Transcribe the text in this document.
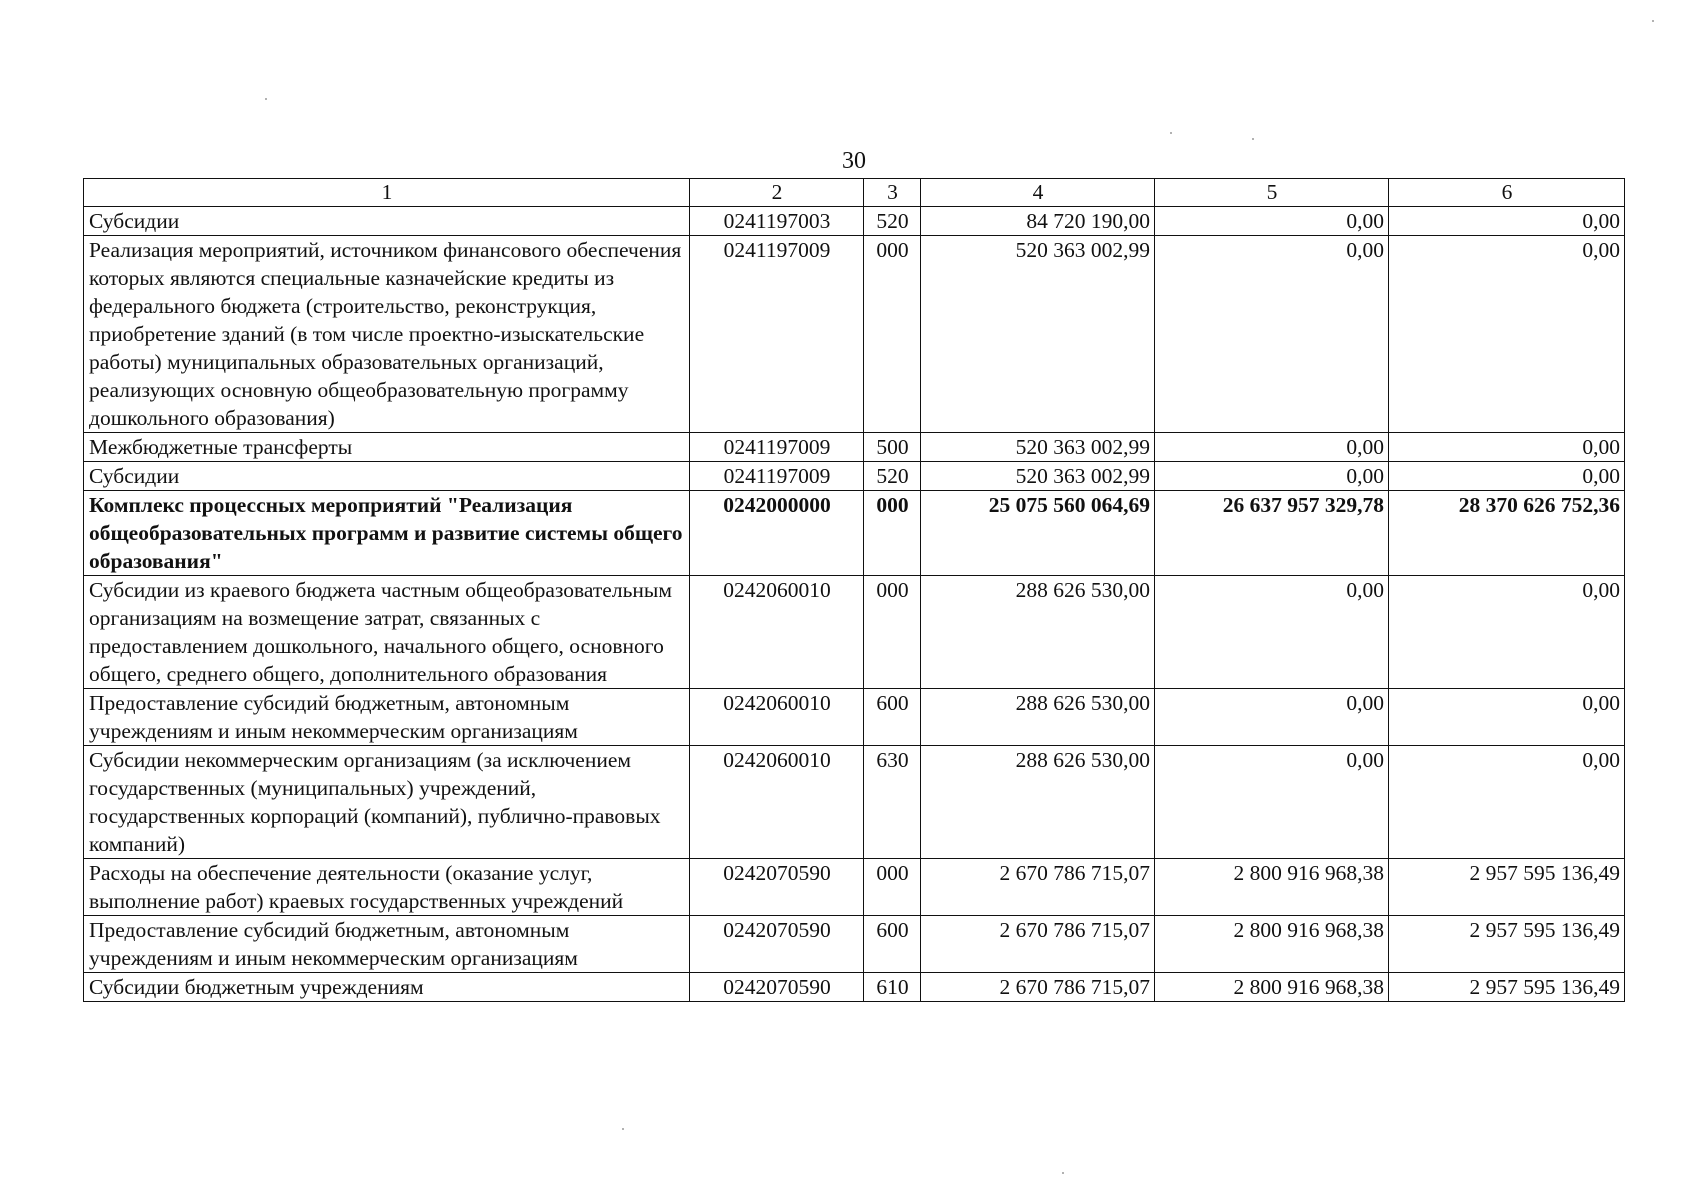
30
1	2	3	4	5	6
Субсидии	0241197003	520	84 720 190,00	0,00	0,00
Реализация мероприятий, источником финансового обеспечения которых являются специальные казначейские кредиты из федерального бюджета (строительство, реконструкция, приобретение зданий (в том числе проектно-изыскательские работы) муниципальных образовательных организаций, реализующих основную общеобразовательную программу дошкольного образования)	0241197009	000	520 363 002,99	0,00	0,00
Межбюджетные трансферты	0241197009	500	520 363 002,99	0,00	0,00
Субсидии	0241197009	520	520 363 002,99	0,00	0,00
Комплекс процессных мероприятий "Реализация общеобразовательных программ и развитие системы общего образования"	0242000000	000	25 075 560 064,69	26 637 957 329,78	28 370 626 752,36
Субсидии из краевого бюджета частным общеобразовательным организациям на возмещение затрат, связанных с предоставлением дошкольного, начального общего, основного общего, среднего общего, дополнительного образования	0242060010	000	288 626 530,00	0,00	0,00
Предоставление субсидий бюджетным, автономным учреждениям и иным некоммерческим организациям	0242060010	600	288 626 530,00	0,00	0,00
Субсидии некоммерческим организациям (за исключением государственных (муниципальных) учреждений, государственных корпораций (компаний), публично-правовых компаний)	0242060010	630	288 626 530,00	0,00	0,00
Расходы на обеспечение деятельности (оказание услуг, выполнение работ) краевых государственных учреждений	0242070590	000	2 670 786 715,07	2 800 916 968,38	2 957 595 136,49
Предоставление субсидий бюджетным, автономным учреждениям и иным некоммерческим организациям	0242070590	600	2 670 786 715,07	2 800 916 968,38	2 957 595 136,49
Субсидии бюджетным учреждениям	0242070590	610	2 670 786 715,07	2 800 916 968,38	2 957 595 136,49
